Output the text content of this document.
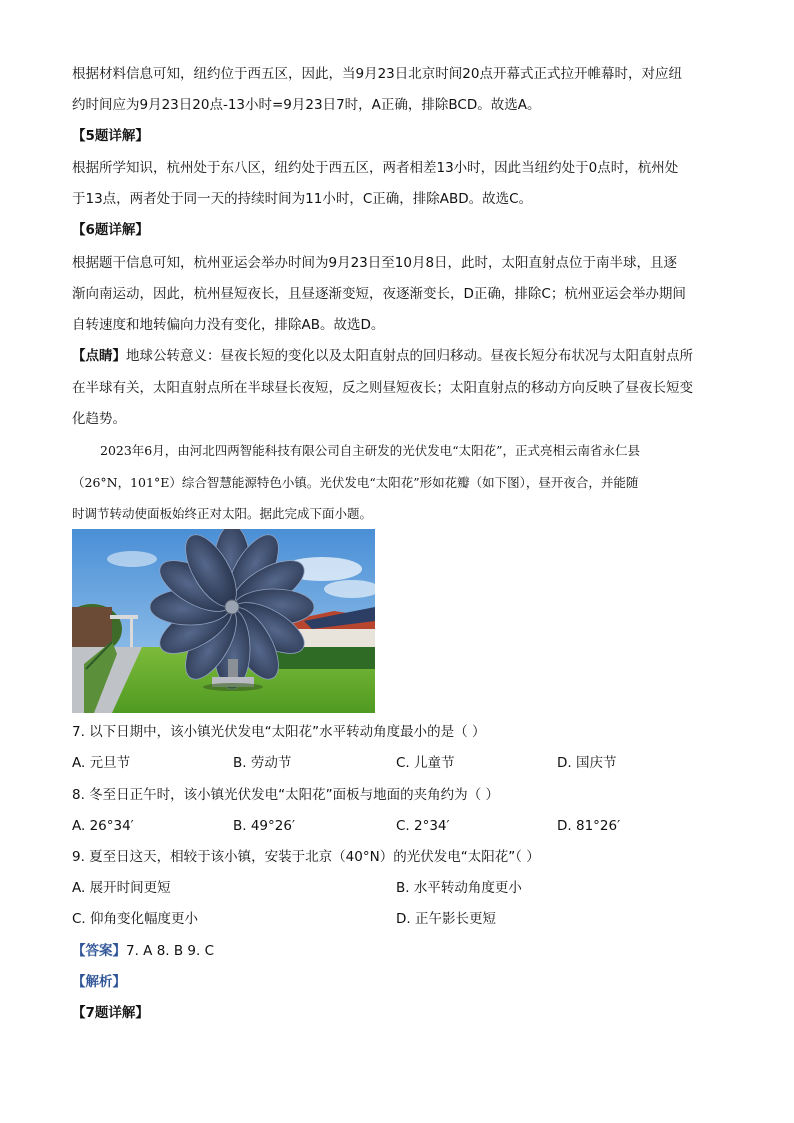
根据材料信息可知，纽约位于西五区，因此，当9月23日北京时间20点开幕式正式拉开帷幕时，对应纽
约时间应为9月23日20点-13小时=9月23日7时，A正确，排除BCD。故选A。
【5题详解】
根据所学知识，杭州处于东八区，纽约处于西五区，两者相差13小时，因此当纽约处于0点时，杭州处
于13点，两者处于同一天的持续时间为11小时，C正确，排除ABD。故选C。
【6题详解】
根据题干信息可知，杭州亚运会举办时间为9月23日至10月8日，此时，太阳直射点位于南半球，且逐
渐向南运动，因此，杭州昼短夜长，且昼逐渐变短，夜逐渐变长，D正确，排除C；杭州亚运会举办期间
自转速度和地转偏向力没有变化，排除AB。故选D。
【点睛】地球公转意义：昼夜长短的变化以及太阳直射点的回归移动。昼夜长短分布状况与太阳直射点所
在半球有关，太阳直射点所在半球昼长夜短，反之则昼短夜长；太阳直射点的移动方向反映了昼夜长短变
化趋势。
2023年6月，由河北四两智能科技有限公司自主研发的光伏发电“太阳花”，正式亮相云南省永仁县
（26°N，101°E）综合智慧能源特色小镇。光伏发电“太阳花”形如花瓣（如下图），昼开夜合，并能随
时调节转动使面板始终正对太阳。据此完成下面小题。
7. 以下日期中，该小镇光伏发电“太阳花”水平转动角度最小的是（ ）
A. 元旦节	B. 劳动节	C. 儿童节	D. 国庆节
8. 冬至日正午时，该小镇光伏发电“太阳花”面板与地面的夹角约为（ ）
A. 26°34′	B. 49°26′	C. 2°34′	D. 81°26′
9. 夏至日这天，相较于该小镇，安装于北京（40°N）的光伏发电“太阳花”（ ）
A. 展开时间更短	B. 水平转动角度更小
C. 仰角变化幅度更小	D. 正午影长更短
【答案】7. A 8. B 9. C
【解析】
【7题详解】
